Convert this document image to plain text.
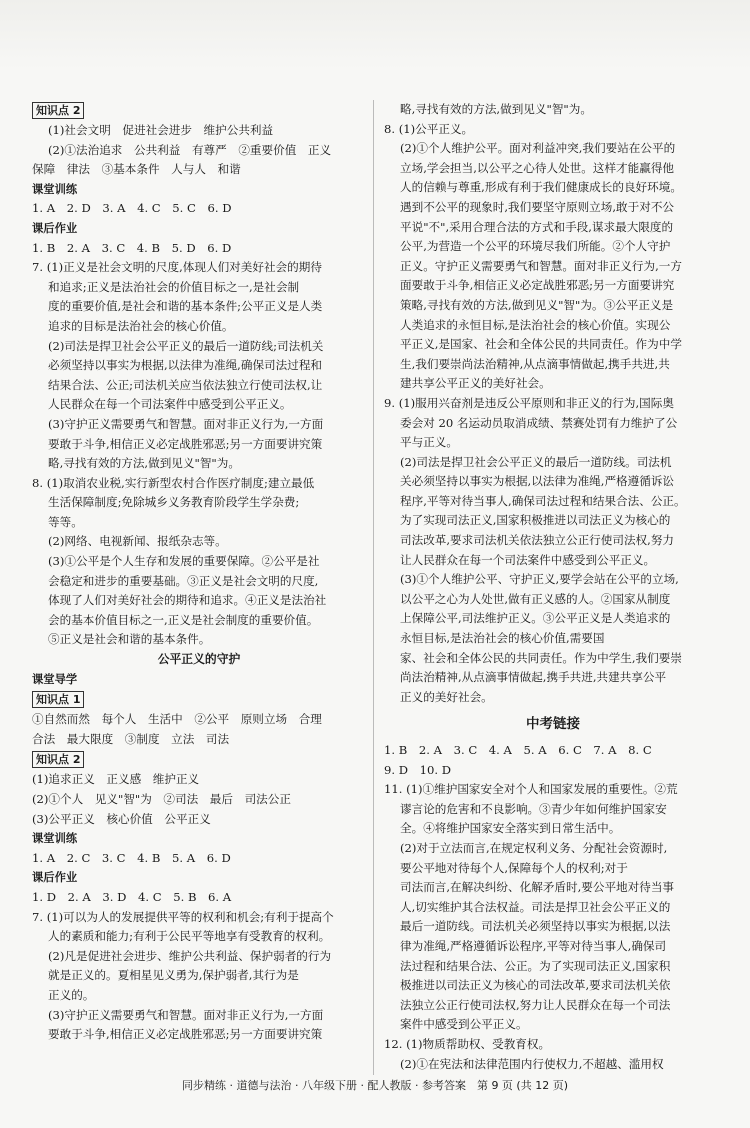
知识点 2
(1)社会文明　促进社会进步　维护公共利益
(2)①法治追求　公共利益　有尊严　②重要价值　正义
保障　律法　③基本条件　人与人　和谐
课堂训练
1. A　2. D　3. A　4. C　5. C　6. D
课后作业
1. B　2. A　3. C　4. B　5. D　6. D
7. (1)正义是社会文明的尺度,体现人们对美好社会的期待
和追求;正义是法治社会的价值目标之一,是社会制
度的重要价值,是社会和谐的基本条件;公平正义是人类
追求的目标是法治社会的核心价值。
(2)司法是捍卫社会公平正义的最后一道防线;司法机关
必须坚持以事实为根据,以法律为准绳,确保司法过程和
结果合法、公正;司法机关应当依法独立行使司法权,让
人民群众在每一个司法案件中感受到公平正义。
(3)守护正义需要勇气和智慧。面对非正义行为,一方面
要敢于斗争,相信正义必定战胜邪恶;另一方面要讲究策
略,寻找有效的方法,做到见义"智"为。
8. (1)取消农业税,实行新型农村合作医疗制度;建立最低
生活保障制度;免除城乡义务教育阶段学生学杂费;
等等。
(2)网络、电视新闻、报纸杂志等。
(3)①公平是个人生存和发展的重要保障。②公平是社
会稳定和进步的重要基础。③正义是社会文明的尺度,
体现了人们对美好社会的期待和追求。④正义是法治社
会的基本价值目标之一,正义是社会制度的重要价值。
⑤正义是社会和谐的基本条件。
公平正义的守护
课堂导学
知识点 1
①自然而然　每个人　生活中　②公平　原则立场　合理
合法　最大限度　③制度　立法　司法
知识点 2
(1)追求正义　正义感　维护正义
(2)①个人　见义"智"为　②司法　最后　司法公正
(3)公平正义　核心价值　公平正义
课堂训练
1. A　2. C　3. C　4. B　5. A　6. D
课后作业
1. D　2. A　3. D　4. C　5. B　6. A
7. (1)可以为人的发展提供平等的权利和机会;有利于提高个
人的素质和能力;有利于公民平等地享有受教育的权利。
(2)凡是促进社会进步、维护公共利益、保护弱者的行为
就是正义的。夏相星见义勇为,保护弱者,其行为是
正义的。
(3)守护正义需要勇气和智慧。面对非正义行为,一方面
要敢于斗争,相信正义必定战胜邪恶;另一方面要讲究策
略,寻找有效的方法,做到见义"智"为。
8. (1)公平正义。
(2)①个人维护公平。面对利益冲突,我们要站在公平的
立场,学会担当,以公平之心待人处世。这样才能赢得他
人的信赖与尊重,形成有利于我们健康成长的良好环境。
遇到不公平的现象时,我们要坚守原则立场,敢于对不公
平说"不",采用合理合法的方式和手段,谋求最大限度的
公平,为营造一个公平的环境尽我们所能。②个人守护
正义。守护正义需要勇气和智慧。面对非正义行为,一方
面要敢于斗争,相信正义必定战胜邪恶;另一方面要讲究
策略,寻找有效的方法,做到见义"智"为。③公平正义是
人类追求的永恒目标,是法治社会的核心价值。实现公
平正义,是国家、社会和全体公民的共同责任。作为中学
生,我们要崇尚法治精神,从点滴事情做起,携手共进,共
建共享公平正义的美好社会。
9. (1)服用兴奋剂是违反公平原则和非正义的行为,国际奥
委会对 20 名运动员取消成绩、禁赛处罚有力维护了公
平与正义。
(2)司法是捍卫社会公平正义的最后一道防线。司法机
关必须坚持以事实为根据,以法律为准绳,严格遵循诉讼
程序,平等对待当事人,确保司法过程和结果合法、公正。
为了实现司法正义,国家积极推进以司法正义为核心的
司法改革,要求司法机关依法独立公正行使司法权,努力
让人民群众在每一个司法案件中感受到公平正义。
(3)①个人维护公平、守护正义,要学会站在公平的立场,
以公平之心为人处世,做有正义感的人。②国家从制度
上保障公平,司法维护正义。③公平正义是人类追求的
永恒目标,是法治社会的核心价值,需要国
家、社会和全体公民的共同责任。作为中学生,我们要崇
尚法治精神,从点滴事情做起,携手共进,共建共享公平
正义的美好社会。
中考链接
1. B　2. A　3. C　4. A　5. A　6. C　7. A　8. C
9. D　10. D
11. (1)①维护国家安全对个人和国家发展的重要性。②荒
谬言论的危害和不良影响。③青少年如何维护国家安
全。④将维护国家安全落实到日常生活中。
(2)对于立法而言,在规定权利义务、分配社会资源时,
要公平地对待每个人,保障每个人的权利;对于
司法而言,在解决纠纷、化解矛盾时,要公平地对待当事
人,切实维护其合法权益。司法是捍卫社会公平正义的
最后一道防线。司法机关必须坚持以事实为根据,以法
律为准绳,严格遵循诉讼程序,平等对待当事人,确保司
法过程和结果合法、公正。为了实现司法正义,国家积
极推进以司法正义为核心的司法改革,要求司法机关依
法独立公正行使司法权,努力让人民群众在每一个司法
案件中感受到公平正义。
12. (1)物质帮助权、受教育权。
(2)①在宪法和法律范围内行使权力,不超越、滥用权
同步精练 · 道德与法治 · 八年级下册 · 配人教版 · 参考答案　第 9 页 (共 12 页)
